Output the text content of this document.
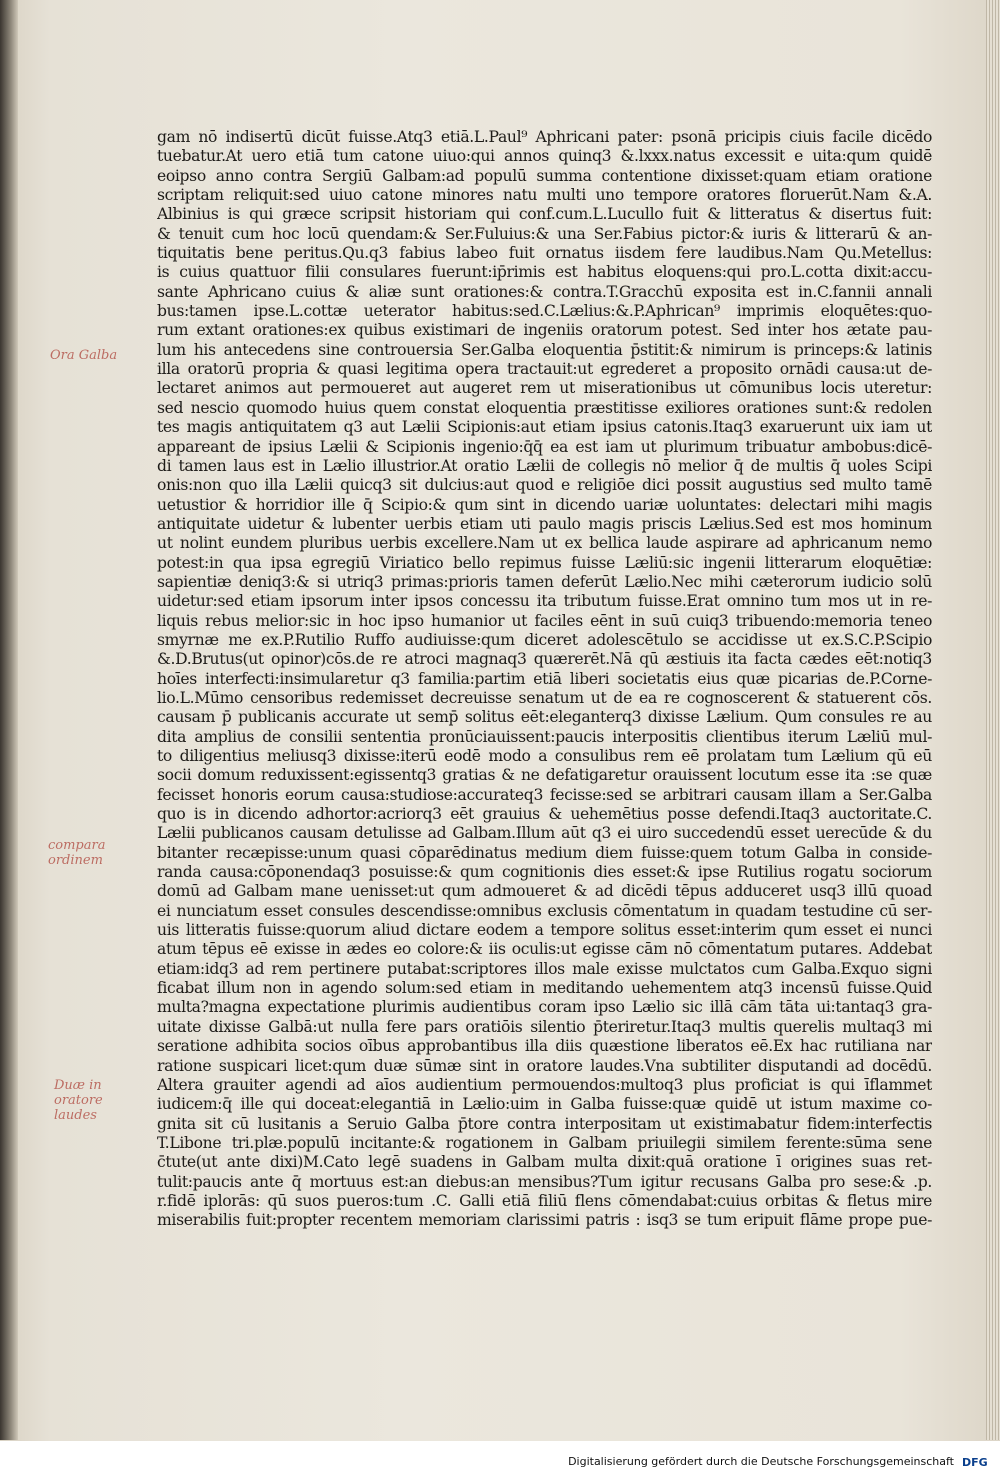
Ora Galba
compara ordinem
Duæ in oratore laudes
gam nō indisertū dicūt fuisse.Atq3 etiā.L.Paul⁹ Aphricani pater: psonā pricipis ciuis facile dicēdo
tuebatur.At uero etiā tum catone uiuo:qui annos quinq3 &.lxxx.natus excessit e uita:qum quidē
eoipso anno contra Sergiū Galbam:ad populū summa contentione dixisset:quam etiam oratione
scriptam reliquit:sed uiuo catone minores natu multi uno tempore oratores floruerūt.Nam &.A.
Albinius is qui græce scripsit historiam qui conf.cum.L.Lucullo fuit & litteratus & disertus fuit:
& tenuit cum hoc locū quendam:& Ser.Fuluius:& una Ser.Fabius pictor:& iuris & litterarū & an-
tiquitatis bene peritus.Qu.q3 fabius labeo fuit ornatus iisdem fere laudibus.Nam Qu.Metellus:
is cuius quattuor filii consulares fuerunt:ip̄rimis est habitus eloquens:qui pro.L.cotta dixit:accu-
sante Aphricano cuius & aliæ sunt orationes:& contra.T.Gracchū exposita est in.C.fannii annali
bus:tamen ipse.L.cottæ ueterator habitus:sed.C.Lælius:&.P.Aphrican⁹ imprimis eloquētes:quo-
rum extant orationes:ex quibus existimari de ingeniis oratorum potest. Sed inter hos ætate pau-
lum his antecedens sine controuersia Ser.Galba eloquentia p̄stitit:& nimirum is princeps:& latinis
illa oratorū propria & quasi legitima opera tractauit:ut egrederet a proposito ornādi causa:ut de-
lectaret animos aut permoueret aut augeret rem ut miserationibus ut cōmunibus locis uteretur:
sed nescio quomodo huius quem constat eloquentia præstitisse exiliores orationes sunt:& redolen
tes magis antiquitatem q3 aut Lælii Scipionis:aut etiam ipsius catonis.Itaq3 exaruerunt uix iam ut
appareant de ipsius Lælii & Scipionis ingenio:q̄q̄ ea est iam ut plurimum tribuatur ambobus:dicē-
di tamen laus est in Lælio illustrior.At oratio Lælii de collegis nō melior q̄ de multis q̄ uoles Scipi
onis:non quo illa Lælii quicq3 sit dulcius:aut quod e religiōe dici possit augustius sed multo tamē
uetustior & horridior ille q̄ Scipio:& qum sint in dicendo uariæ uoluntates: delectari mihi magis
antiquitate uidetur & lubenter uerbis etiam uti paulo magis priscis Lælius.Sed est mos hominum
ut nolint eundem pluribus uerbis excellere.Nam ut ex bellica laude aspirare ad aphricanum nemo
potest:in qua ipsa egregiū Viriatico bello repimus fuisse Læliū:sic ingenii litterarum eloquētiæ:
sapientiæ deniq3:& si utriq3 primas:prioris tamen deferūt Lælio.Nec mihi cæterorum iudicio solū
uidetur:sed etiam ipsorum inter ipsos concessu ita tributum fuisse.Erat omnino tum mos ut in re-
liquis rebus melior:sic in hoc ipso humanior ut faciles eēnt in suū cuiq3 tribuendo:memoria teneo
smyrnæ me ex.P.Rutilio Ruffo audiuisse:qum diceret adolescētulo se accidisse ut ex.S.C.P.Scipio
&.D.Brutus(ut opinor)cōs.de re atroci magnaq3 quærerēt.Nā qū æstiuis ita facta cædes eēt:notiq3
hoīes interfecti:insimularetur q3 familia:partim etiā liberi societatis eius quæ picarias de.P.Corne-
lio.L.Mūmo censoribus redemisset decreuisse senatum ut de ea re cognoscerent & statuerent cōs.
causam p̄ publicanis accurate ut semp̄ solitus eēt:eleganterq3 dixisse Lælium. Qum consules re au
dita amplius de consilii sententia pronūciauissent:paucis interpositis clientibus iterum Læliū mul-
to diligentius meliusq3 dixisse:iterū eodē modo a consulibus rem eē prolatam tum Lælium qū eū
socii domum reduxissent:egissentq3 gratias & ne defatigaretur orauissent locutum esse ita :se quæ
fecisset honoris eorum causa:studiose:accurateq3 fecisse:sed se arbitrari causam illam a Ser.Galba
quo is in dicendo adhortor:acriorq3 eēt grauius & uehemētius posse defendi.Itaq3 auctoritate.C.
Lælii publicanos causam detulisse ad Galbam.Illum aūt q3 ei uiro succedendū esset uerecūde & du
bitanter recæpisse:unum quasi cōparēdinatus medium diem fuisse:quem totum Galba in conside-
randa causa:cōponendaq3 posuisse:& qum cognitionis dies esset:& ipse Rutilius rogatu sociorum
domū ad Galbam mane uenisset:ut qum admoueret & ad dicēdi tēpus adduceret usq3 illū quoad
ei nunciatum esset consules descendisse:omnibus exclusis cōmentatum in quadam testudine cū ser-
uis litteratis fuisse:quorum aliud dictare eodem a tempore solitus esset:interim qum esset ei nunci
atum tēpus eē exisse in ædes eo colore:& iis oculis:ut egisse cām nō cōmentatum putares. Addebat
etiam:idq3 ad rem pertinere putabat:scriptores illos male exisse mulctatos cum Galba.Exquo signi
ficabat illum non in agendo solum:sed etiam in meditando uehementem atq3 incensū fuisse.Quid
multa?magna expectatione plurimis audientibus coram ipso Lælio sic illā cām tāta ui:tantaq3 gra-
uitate dixisse Galbā:ut nulla fere pars oratiōis silentio p̄teriretur.Itaq3 multis querelis multaq3 mi
seratione adhibita socios oībus approbantibus illa diis quæstione liberatos eē.Ex hac rutiliana nar
ratione suspicari licet:qum duæ sūmæ sint in oratore laudes.Vna subtiliter disputandi ad docēdū.
Altera grauiter agendi ad aīos audientium permouendos:multoq3 plus proficiat is qui īflammet
iudicem:q̄ ille qui doceat:elegantiā in Lælio:uim in Galba fuisse:quæ quidē ut istum maxime co-
gnita sit cū lusitanis a Seruio Galba p̄tore contra interpositam ut existimabatur fidem:interfectis
T.Libone tri.plæ.populū incitante:& rogationem in Galbam priuilegii similem ferente:sūma sene
c̄tute(ut ante dixi)M.Cato legē suadens in Galbam multa dixit:quā oratione ī origines suas ret-
tulit:paucis ante q̄ mortuus est:an diebus:an mensibus?Tum igitur recusans Galba pro sese:& .p.
r.fidē iplorās: qū suos pueros:tum .C. Galli etiā filiū flens cōmendabat:cuius orbitas & fletus mire
miserabilis fuit:propter recentem memoriam clarissimi patris : isq3 se tum eripuit flāme prope pue-
Digitalisierung gefördert durch die Deutsche Forschungsgemeinschaft DFG
